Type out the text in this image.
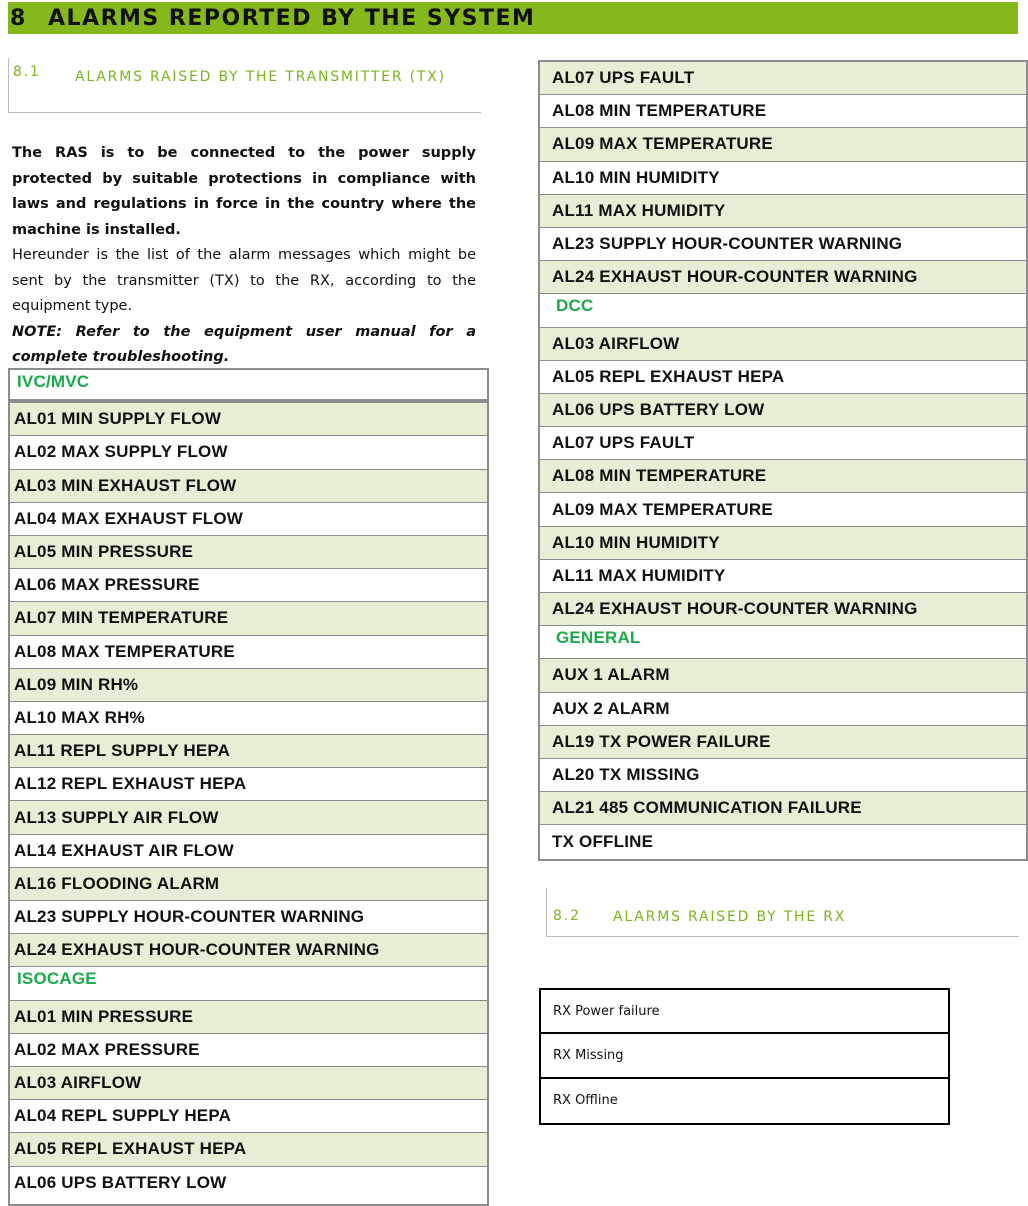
8 ALARMS REPORTED BY THE SYSTEM
8.1 ALARMS RAISED BY THE TRANSMITTER (TX)

The RAS is to be connected to the power supply protected by suitable protections in compliance with laws and regulations in force in the country where the machine is installed.

Hereunder is the list of the alarm messages which might be sent by the transmitter (TX) to the RX, according to the equipment type.

NOTE: Refer to the equipment user manual for a complete troubleshooting.

IVC/MVC
AL01 MIN SUPPLY FLOW
AL02 MAX SUPPLY FLOW
AL03 MIN EXHAUST FLOW
AL04 MAX EXHAUST FLOW
AL05 MIN PRESSURE
AL06 MAX PRESSURE
AL07 MIN TEMPERATURE
AL08 MAX TEMPERATURE
AL09 MIN RH%
AL10 MAX RH%
AL11 REPL SUPPLY HEPA
AL12 REPL EXHAUST HEPA
AL13 SUPPLY AIR FLOW
AL14 EXHAUST AIR FLOW
AL16 FLOODING ALARM
AL23 SUPPLY HOUR-COUNTER WARNING
AL24 EXHAUST HOUR-COUNTER WARNING
ISOCAGE
AL01 MIN PRESSURE
AL02 MAX PRESSURE
AL03 AIRFLOW
AL04 REPL SUPPLY HEPA
AL05 REPL EXHAUST HEPA
AL06 UPS BATTERY LOW
AL07 UPS FAULT
AL08 MIN TEMPERATURE
AL09 MAX TEMPERATURE
AL10 MIN HUMIDITY
AL11 MAX HUMIDITY
AL23 SUPPLY HOUR-COUNTER WARNING
AL24 EXHAUST HOUR-COUNTER WARNING
DCC
AL03 AIRFLOW
AL05 REPL EXHAUST HEPA
AL06 UPS BATTERY LOW
AL07 UPS FAULT
AL08 MIN TEMPERATURE
AL09 MAX TEMPERATURE
AL10 MIN HUMIDITY
AL11 MAX HUMIDITY
AL24 EXHAUST HOUR-COUNTER WARNING
GENERAL
AUX 1 ALARM
AUX 2 ALARM
AL19 TX POWER FAILURE
AL20 TX MISSING
AL21 485 COMMUNICATION FAILURE
TX OFFLINE
8.2 ALARMS RAISED BY THE RX
RX Power failure
RX Missing
RX Offline
